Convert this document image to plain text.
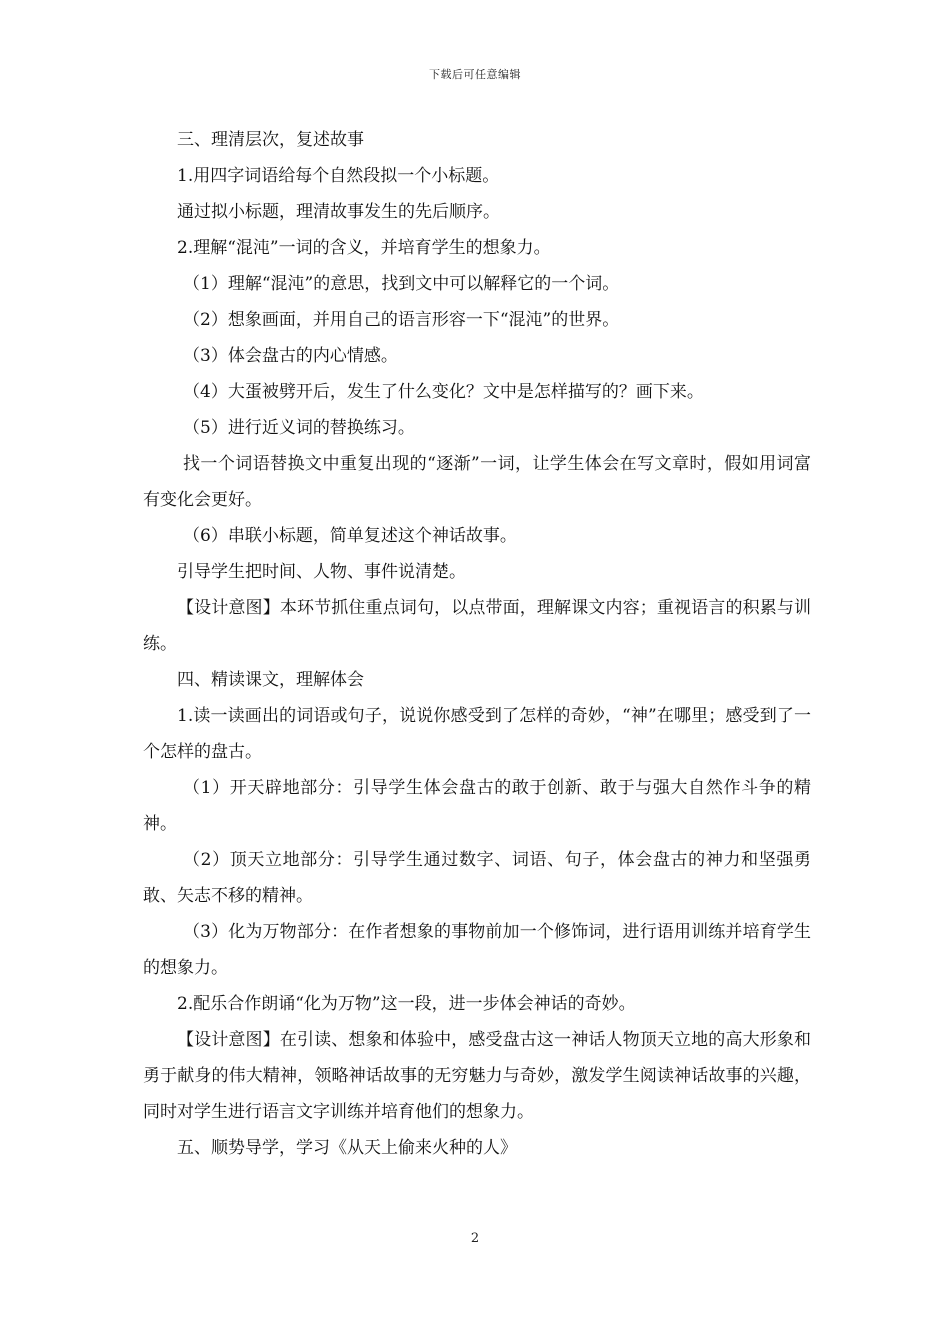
下载后可任意编辑

三、理清层次，复述故事

1.用四字词语给每个自然段拟一个小标题。

通过拟小标题，理清故事发生的先后顺序。

2.理解“混沌”一词的含义，并培育学生的想象力。

（1）理解“混沌”的意思，找到文中可以解释它的一个词。

（2）想象画面，并用自己的语言形容一下“混沌”的世界。

（3）体会盘古的内心情感。

（4）大蛋被劈开后，发生了什么变化？文中是怎样描写的？画下来。

（5）进行近义词的替换练习。

找一个词语替换文中重复出现的“逐渐”一词，让学生体会在写文章时，假如用词富有变化会更好。

（6）串联小标题，简单复述这个神话故事。

引导学生把时间、人物、事件说清楚。

【设计意图】本环节抓住重点词句，以点带面，理解课文内容；重视语言的积累与训练。

四、精读课文，理解体会

1.读一读画出的词语或句子，说说你感受到了怎样的奇妙，“神”在哪里；感受到了一个怎样的盘古。

（1）开天辟地部分：引导学生体会盘古的敢于创新、敢于与强大自然作斗争的精神。

（2）顶天立地部分：引导学生通过数字、词语、句子，体会盘古的神力和坚强勇敢、矢志不移的精神。

（3）化为万物部分：在作者想象的事物前加一个修饰词，进行语用训练并培育学生的想象力。

2.配乐合作朗诵“化为万物”这一段，进一步体会神话的奇妙。

【设计意图】在引读、想象和体验中，感受盘古这一神话人物顶天立地的高大形象和勇于献身的伟大精神，领略神话故事的无穷魅力与奇妙，激发学生阅读神话故事的兴趣，同时对学生进行语言文字训练并培育他们的想象力。

五、顺势导学，学习《从天上偷来火种的人》

2
